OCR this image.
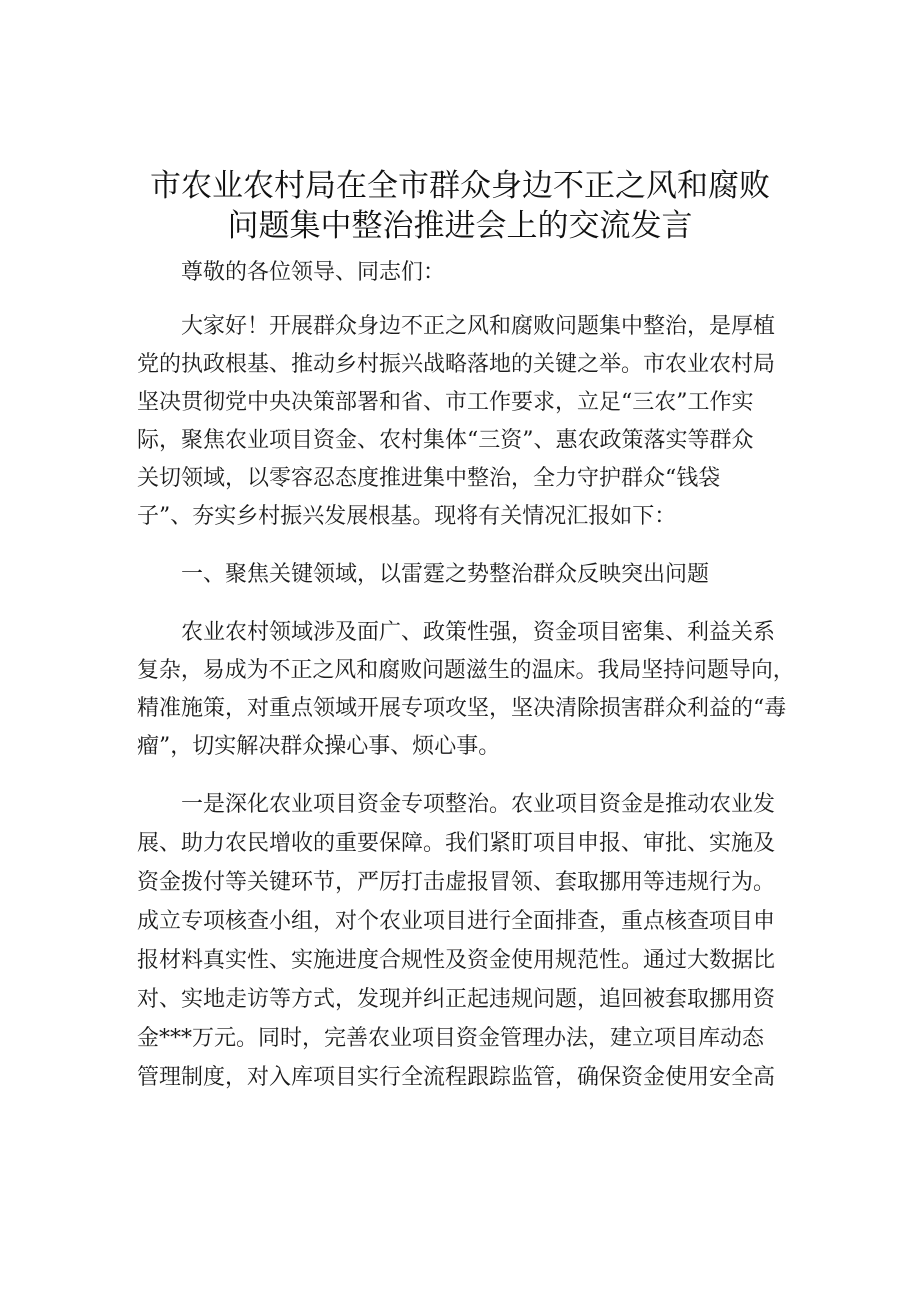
市农业农村局在全市群众身边不正之风和腐败
问题集中整治推进会上的交流发言
尊敬的各位领导、同志们：
大家好！开展群众身边不正之风和腐败问题集中整治，是厚植
党的执政根基、推动乡村振兴战略落地的关键之举。市农业农村局
坚决贯彻党中央决策部署和省、市工作要求，立足“三农”工作实
际，聚焦农业项目资金、农村集体“三资”、惠农政策落实等群众
关切领域，以零容忍态度推进集中整治，全力守护群众“钱袋
子”、夯实乡村振兴发展根基。现将有关情况汇报如下：
一、聚焦关键领域，以雷霆之势整治群众反映突出问题
农业农村领域涉及面广、政策性强，资金项目密集、利益关系
复杂，易成为不正之风和腐败问题滋生的温床。我局坚持问题导向，
精准施策，对重点领域开展专项攻坚，坚决清除损害群众利益的“毒
瘤”，切实解决群众操心事、烦心事。
一是深化农业项目资金专项整治。农业项目资金是推动农业发
展、助力农民增收的重要保障。我们紧盯项目申报、审批、实施及
资金拨付等关键环节，严厉打击虚报冒领、套取挪用等违规行为。
成立专项核查小组，对个农业项目进行全面排查，重点核查项目申
报材料真实性、实施进度合规性及资金使用规范性。通过大数据比
对、实地走访等方式，发现并纠正起违规问题，追回被套取挪用资
金***万元。同时，完善农业项目资金管理办法，建立项目库动态
管理制度，对入库项目实行全流程跟踪监管，确保资金使用安全高
